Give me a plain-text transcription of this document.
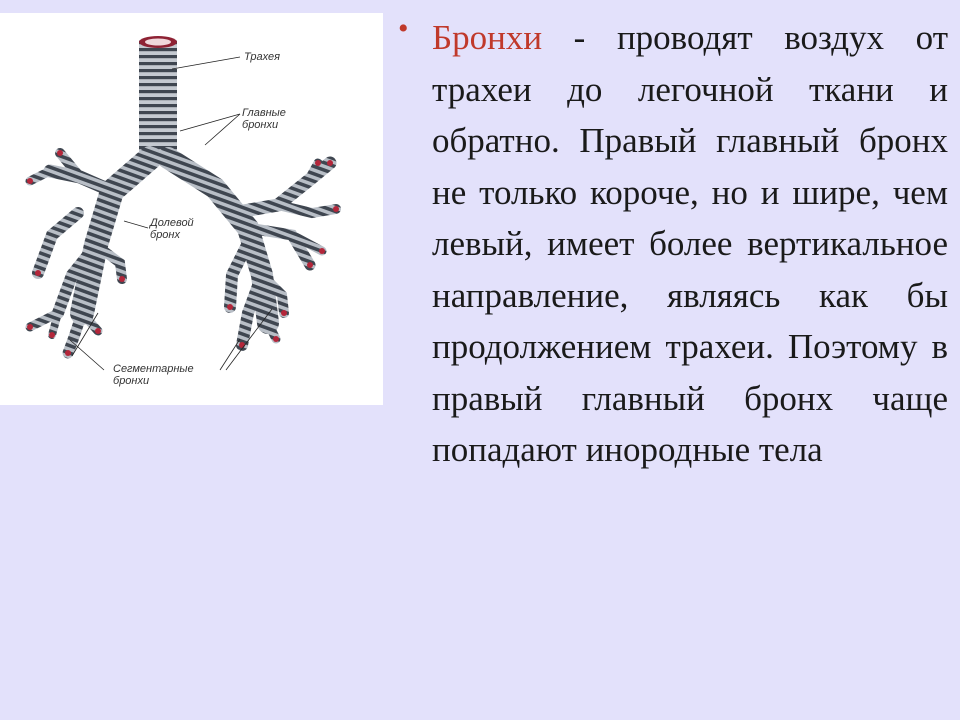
Трахея
Главные
бронхи
Долевой
бронх
Сегментарные
бронхи
• Бронхи - проводят воздух от трахеи до легочной ткани и обратно. Правый главный бронх не только короче, но и шире, чем левый, имеет более вертикальное направление, являясь как бы продолжением трахеи. Поэтому в правый главный бронх чаще попадают инородные тела
